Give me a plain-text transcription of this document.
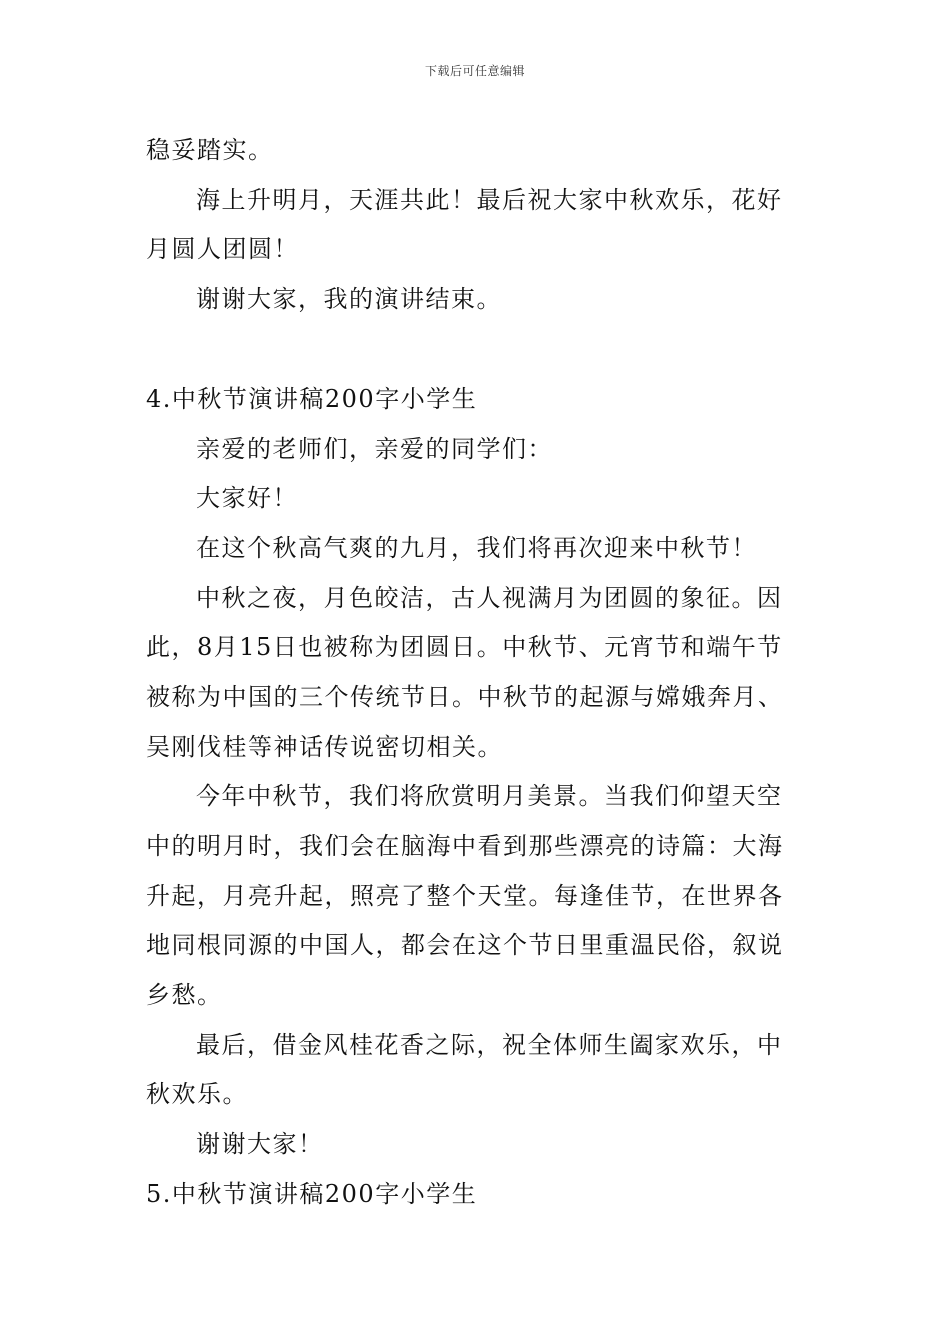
下载后可任意编辑
稳妥踏实。
海上升明月，天涯共此！最后祝大家中秋欢乐，花好
月圆人团圆！
谢谢大家，我的演讲结束。
4.中秋节演讲稿200字小学生
亲爱的老师们，亲爱的同学们：
大家好！
在这个秋高气爽的九月，我们将再次迎来中秋节！
中秋之夜，月色皎洁，古人视满月为团圆的象征。因
此，8月15日也被称为团圆日。中秋节、元宵节和端午节
被称为中国的三个传统节日。中秋节的起源与嫦娥奔月、
吴刚伐桂等神话传说密切相关。
今年中秋节，我们将欣赏明月美景。当我们仰望天空
中的明月时，我们会在脑海中看到那些漂亮的诗篇：大海
升起，月亮升起，照亮了整个天堂。每逢佳节，在世界各
地同根同源的中国人，都会在这个节日里重温民俗，叙说
乡愁。
最后，借金风桂花香之际，祝全体师生阖家欢乐，中
秋欢乐。
谢谢大家！
5.中秋节演讲稿200字小学生
